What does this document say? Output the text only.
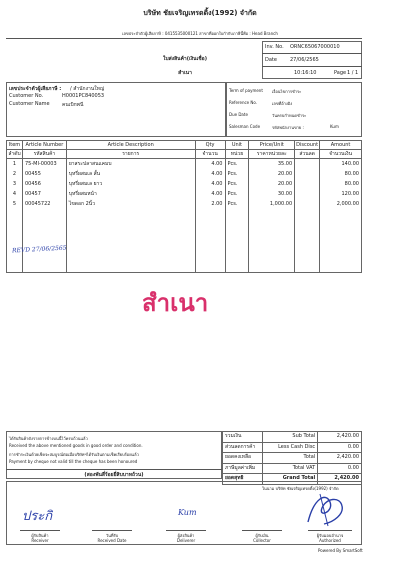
บริษัท ชัยเจริญเทรดดิ้ง(1992) จำกัด
เลขประจำตัวผู้เสียภาษี : 0415535000121 สาขาที่ออกใบกำกับภาษีนี้คือ : Head Branch
ใบส่งสินค้า(เงินเชื่อ)
สำเนา
Inv. No. ORNC65067000010
Date	27/06/2565
10:16:10	Page :
1 / 1
เลขประจำตัวผู้เสียภาษี : / สำนักงานใหญ่
Customer No.	H0001PC840053
Customer Name คนเบิกพนี
Term of payment เงื่อนไขการชำระ
Reference No.	เลขที่อ้างอิง
Due Date	วันครบกำหนดชำระ
Salesman Code	รหัสพนักงานขาย :	Kum
Item	Article Number	Article Description	Qty	Unit	Price/Unit	Discount	Amount
ลำดับ	รหัสสินค้า	รายการ	จำนวน	หน่วย	ราคาหน่วยละ	ส่วนลด	จำนวนเงิน
1	75-MI-00003	ยาสระปลาสนแคมบ	4.00	Pcs.	35.00		140.00
2	00455	บุหรี่ผสมเล สั้น	4.00	Pcs.	20.00		80.00
3	00456	บุหรี่ผสมเล ยาว	4.00	Pcs.	20.00		80.00
4	00457	บุหรี่ผสมหน้า	4.00	Pcs.	30.00		120.00
5	00045722	ไขดอก 2นิ้ว	2.00	Pcs.	1,000.00		2,000.00

REVD 27/06/2565
สำเนา
ได้รับสินค้าดังรายการข้างบนนี้ไว้ครบถ้วนแล้ว
Received the above mentioned goods in good order and condition.
การชำระเงินด้วยเช็คจะสมบูรณ์ต่อเมื่อบริษัทฯได้รับเงินตามเช็คเรียบร้อยแล้ว
Payment by cheque not valid till the cheque has been honoured
(สองพันสี่ร้อยยี่สิบบาทถ้วน)
รวมเงิน	Sub Total	2,420.00
ส่วนลดการค้า	Less Cash Disc	0.00
ยอดคงเหลือ	Total	2,420.00
ภาษีมูลค่าเพิ่ม	Total VAT	0.00
ยอดสุทธิ	Grand Total	2,420.00
ในนาม บริษัท ชัยเจริญเทรดดิ้ง(1992) จำกัด
ประกิ	Kum
ผู้รับสินค้า
Receiver
วันที่รับ
Received Date
ผู้ส่งสินค้า
Deliverer
ผู้รับเงิน
Collector
ผู้รับมอบอำนาจ
Authorized
Powered By SmartSoft
